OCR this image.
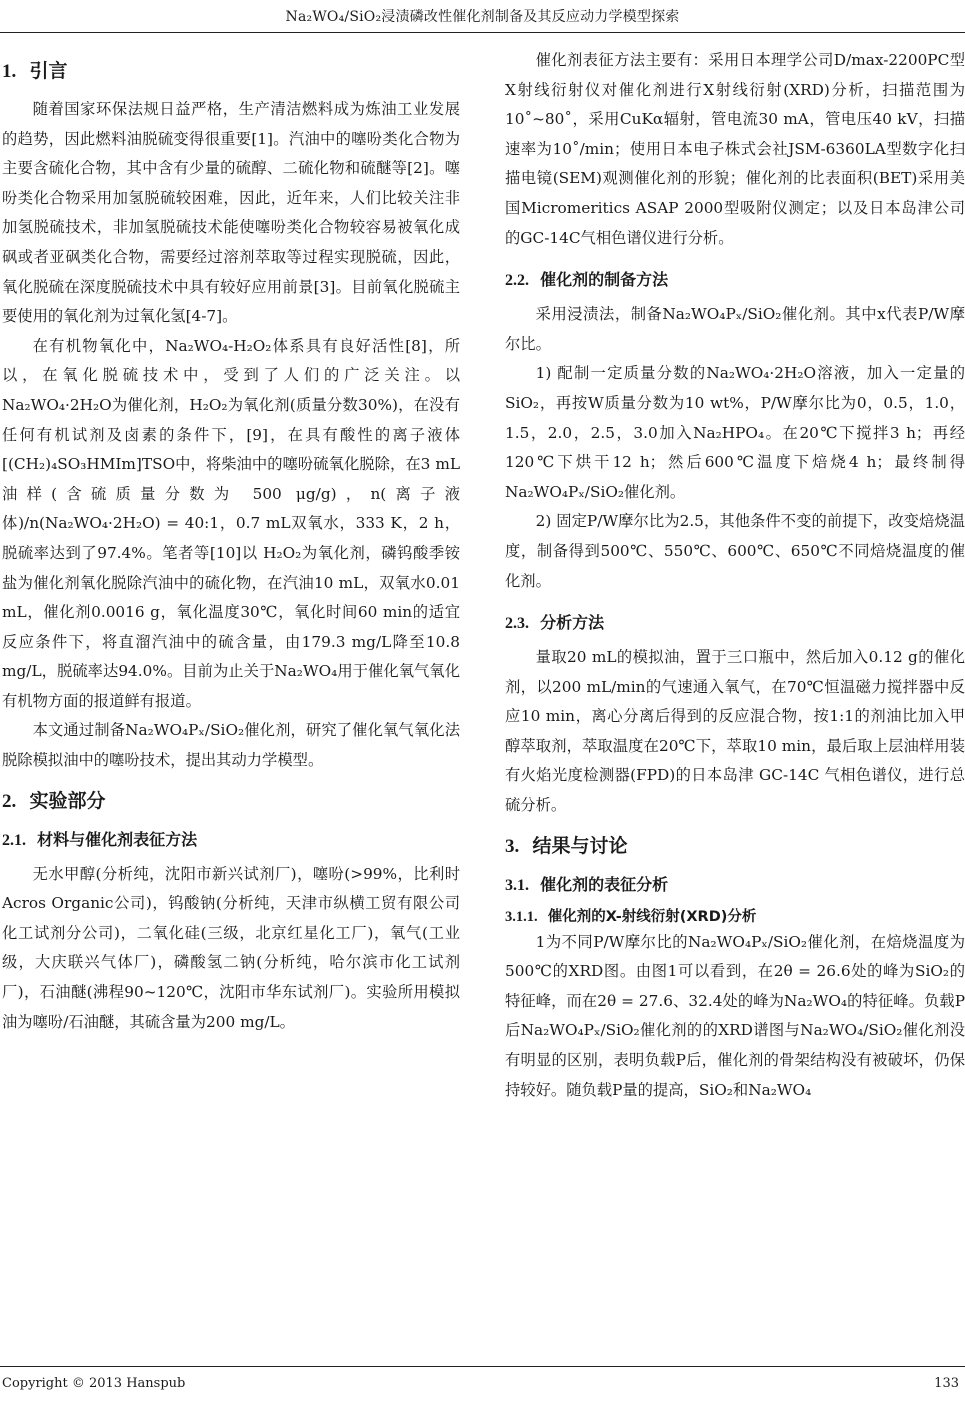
Na₂WO₄/SiO₂浸渍磷改性催化剂制备及其反应动力学模型探索
1. 引言

随着国家环保法规日益严格，生产清洁燃料成为炼油工业发展的趋势，因此燃料油脱硫变得很重要[1]。汽油中的噻吩类化合物为主要含硫化合物，其中含有少量的硫醇、二硫化物和硫醚等[2]。噻吩类化合物采用加氢脱硫较困难，因此，近年来，人们比较关注非加氢脱硫技术，非加氢脱硫技术能使噻吩类化合物较容易被氧化成砜或者亚砜类化合物，需要经过溶剂萃取等过程实现脱硫，因此，氧化脱硫在深度脱硫技术中具有较好应用前景[3]。目前氧化脱硫主要使用的氧化剂为过氧化氢[4-7]。

在有机物氧化中，Na₂WO₄-H₂O₂体系具有良好活性[8]，所以，在氧化脱硫技术中，受到了人们的广泛关注。以Na₂WO₄·2H₂O为催化剂，H₂O₂为氧化剂(质量分数30%)，在没有任何有机试剂及卤素的条件下，[9]，在具有酸性的离子液体[(CH₂)₄SO₃HMIm]TSO中，将柴油中的噻吩硫氧化脱除，在3 mL油样(含硫质量分数为 500 μg/g)，n(离子液体)/n(Na₂WO₄·2H₂O) = 40:1，0.7 mL双氧水，333 K，2 h，脱硫率达到了97.4%。笔者等[10]以 H₂O₂为氧化剂，磷钨酸季铵盐为催化剂氧化脱除汽油中的硫化物，在汽油10 mL，双氧水0.01 mL，催化剂0.0016 g，氧化温度30℃，氧化时间60 min的适宜反应条件下，将直溜汽油中的硫含量，由179.3 mg/L降至10.8 mg/L，脱硫率达94.0%。目前为止关于Na₂WO₄用于催化氧气氧化有机物方面的报道鲜有报道。

本文通过制备Na₂WO₄Pₓ/SiO₂催化剂，研究了催化氧气氧化法脱除模拟油中的噻吩技术，提出其动力学模型。

2. 实验部分
2.1. 材料与催化剂表征方法

无水甲醇(分析纯，沈阳市新兴试剂厂)，噻吩(>99%，比利时Acros Organic公司)，钨酸钠(分析纯，天津市纵横工贸有限公司化工试剂分公司)，二氧化硅(三级，北京红星化工厂)，氧气(工业级，大庆联兴气体厂)，磷酸氢二钠(分析纯，哈尔滨市化工试剂厂)，石油醚(沸程90~120℃，沈阳市华东试剂厂)。实验所用模拟油为噻吩/石油醚，其硫含量为200 mg/L。

催化剂表征方法主要有：采用日本理学公司D/max-2200PC型X射线衍射仪对催化剂进行X射线衍射(XRD)分析，扫描范围为10˚~80˚，采用CuKα辐射，管电流30 mA，管电压40 kV，扫描速率为10˚/min；使用日本电子株式会社JSM-6360LA型数字化扫描电镜(SEM)观测催化剂的形貌；催化剂的比表面积(BET)采用美国Micromeritics ASAP 2000型吸附仪测定；以及日本岛津公司的GC-14C气相色谱仪进行分析。

2.2. 催化剂的制备方法

采用浸渍法，制备Na₂WO₄Pₓ/SiO₂催化剂。其中x代表P/W摩尔比。

1) 配制一定质量分数的Na₂WO₄·2H₂O溶液，加入一定量的SiO₂，再按W质量分数为10 wt%，P/W摩尔比为0，0.5，1.0，1.5，2.0，2.5，3.0加入Na₂HPO₄。在20℃下搅拌3 h；再经120℃下烘干12 h；然后600℃温度下焙烧4 h；最终制得Na₂WO₄Pₓ/SiO₂催化剂。

2) 固定P/W摩尔比为2.5，其他条件不变的前提下，改变焙烧温度，制备得到500℃、550℃、600℃、650℃不同焙烧温度的催化剂。

2.3. 分析方法

量取20 mL的模拟油，置于三口瓶中，然后加入0.12 g的催化剂，以200 mL/min的气速通入氧气，在70℃恒温磁力搅拌器中反应10 min，离心分离后得到的反应混合物，按1:1的剂油比加入甲醇萃取剂，萃取温度在20℃下，萃取10 min，最后取上层油样用装有火焰光度检测器(FPD)的日本岛津 GC-14C 气相色谱仪，进行总硫分析。

3. 结果与讨论
3.1. 催化剂的表征分析
3.1.1. 催化剂的X-射线衍射(XRD)分析

1为不同P/W摩尔比的Na₂WO₄Pₓ/SiO₂催化剂，在焙烧温度为500℃的XRD图。由图1可以看到，在2θ = 26.6处的峰为SiO₂的特征峰，而在2θ = 27.6、32.4处的峰为Na₂WO₄的特征峰。负载P后Na₂WO₄Pₓ/SiO₂催化剂的的XRD谱图与Na₂WO₄/SiO₂催化剂没有明显的区别，表明负载P后，催化剂的骨架结构没有被破坏，仍保持较好。随负载P量的提高，SiO₂和Na₂WO₄

Copyright © 2013 Hanspub	133
